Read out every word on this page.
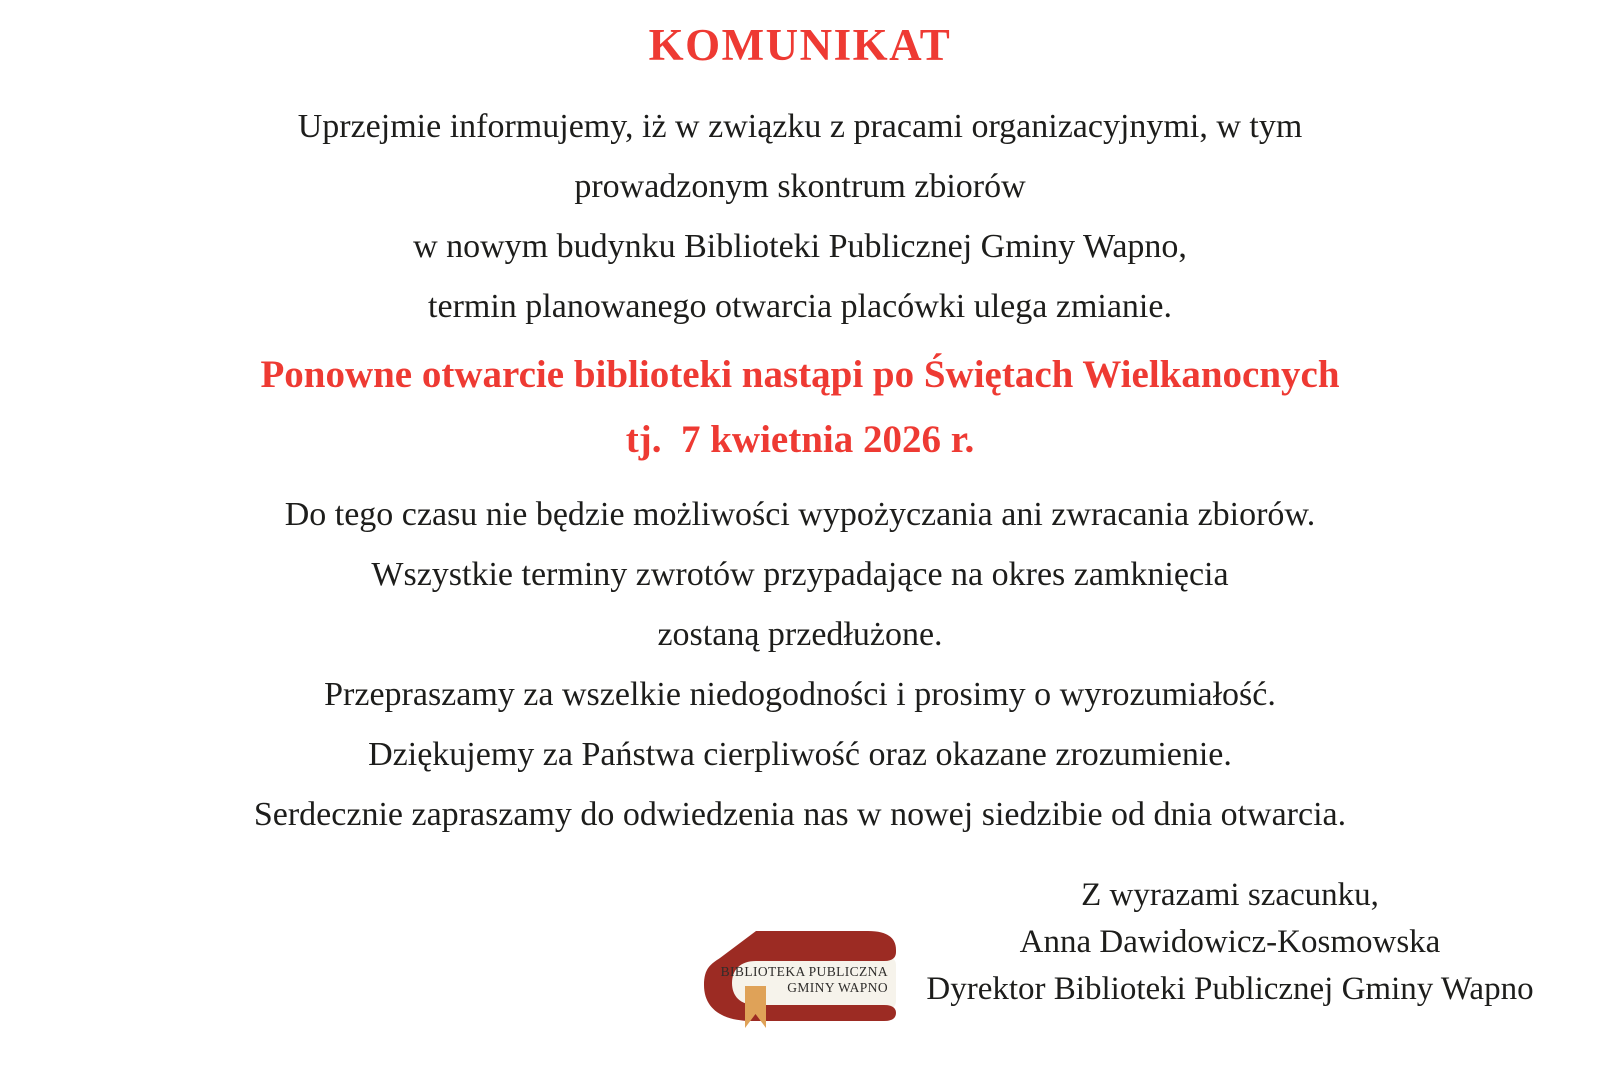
KOMUNIKAT

Uprzejmie informujemy, iż w związku z pracami organizacyjnymi, w tym

prowadzonym skontrum zbiorów

w nowym budynku Biblioteki Publicznej Gminy Wapno,

termin planowanego otwarcia placówki ulega zmianie.

Ponowne otwarcie biblioteki nastąpi po Świętach Wielkanocnych

tj.  7 kwietnia 2026 r.

Do tego czasu nie będzie możliwości wypożyczania ani zwracania zbiorów.

Wszystkie terminy zwrotów przypadające na okres zamknięcia

zostaną przedłużone.

Przepraszamy za wszelkie niedogodności i prosimy o wyrozumiałość.

Dziękujemy za Państwa cierpliwość oraz okazane zrozumienie.

Serdecznie zapraszamy do odwiedzenia nas w nowej siedzibie od dnia otwarcia.

Z wyrazami szacunku,

Anna Dawidowicz-Kosmowska

Dyrektor Biblioteki Publicznej Gminy Wapno

BIBLIOTEKA PUBLICZNA
GMINY WAPNO
